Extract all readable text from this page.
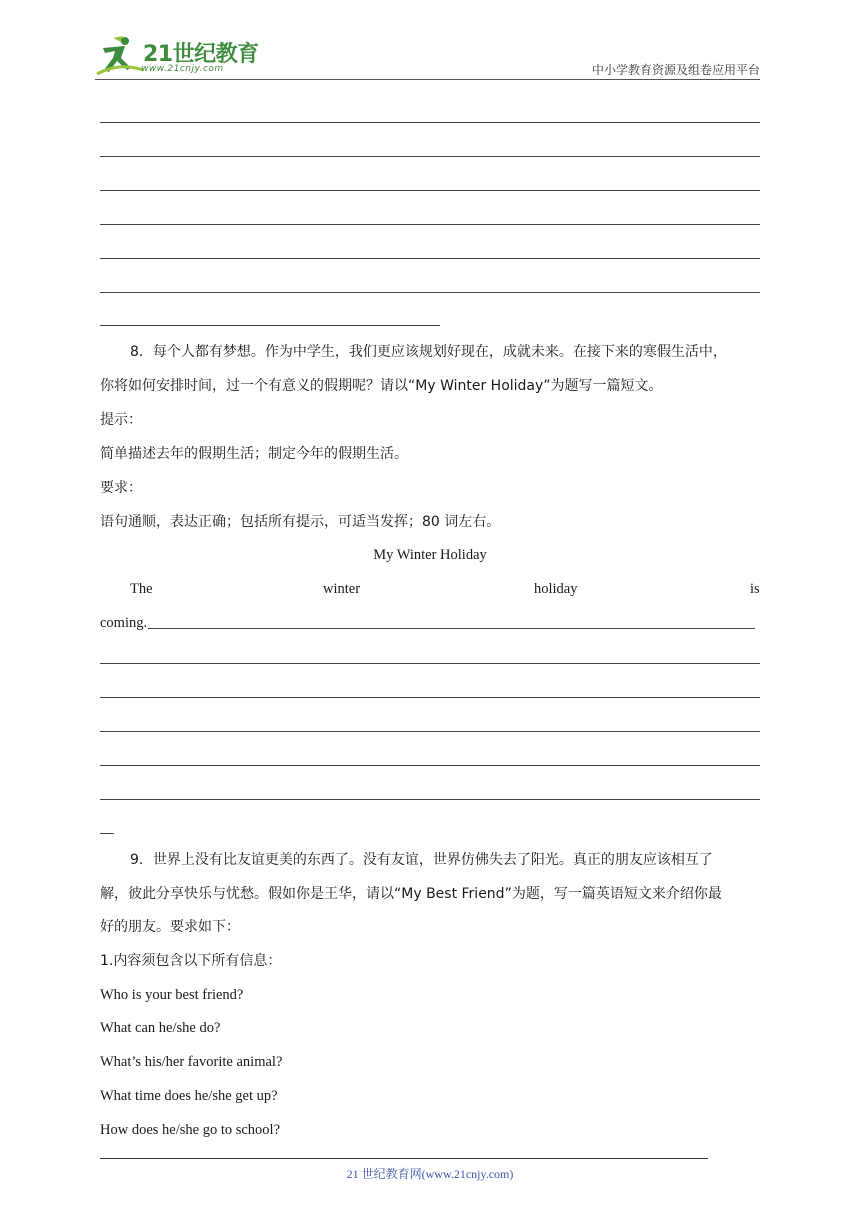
21世纪教育
www.21cnjy.com	中小学教育资源及组卷应用平台
8．每个人都有梦想。作为中学生，我们更应该规划好现在，成就未来。在接下来的寒假生活中，
你将如何安排时间，过一个有意义的假期呢？请以“My Winter Holiday”为题写一篇短文。
提示：
简单描述去年的假期生活；制定今年的假期生活。
要求：
语句通顺，表达正确；包括所有提示，可适当发挥；80 词左右。
My Winter Holiday
The	winter	holiday	is
coming.
9．世界上没有比友谊更美的东西了。没有友谊，世界仿佛失去了阳光。真正的朋友应该相互了
解，彼此分享快乐与忧愁。假如你是王华，请以“My Best Friend”为题，写一篇英语短文来介绍你最
好的朋友。要求如下：
1.内容须包含以下所有信息：
Who is your best friend?
What can he/she do?
What’s his/her favorite animal?
What time does he/she get up?
How does he/she go to school?
21 世纪教育网(www.21cnjy.com)
